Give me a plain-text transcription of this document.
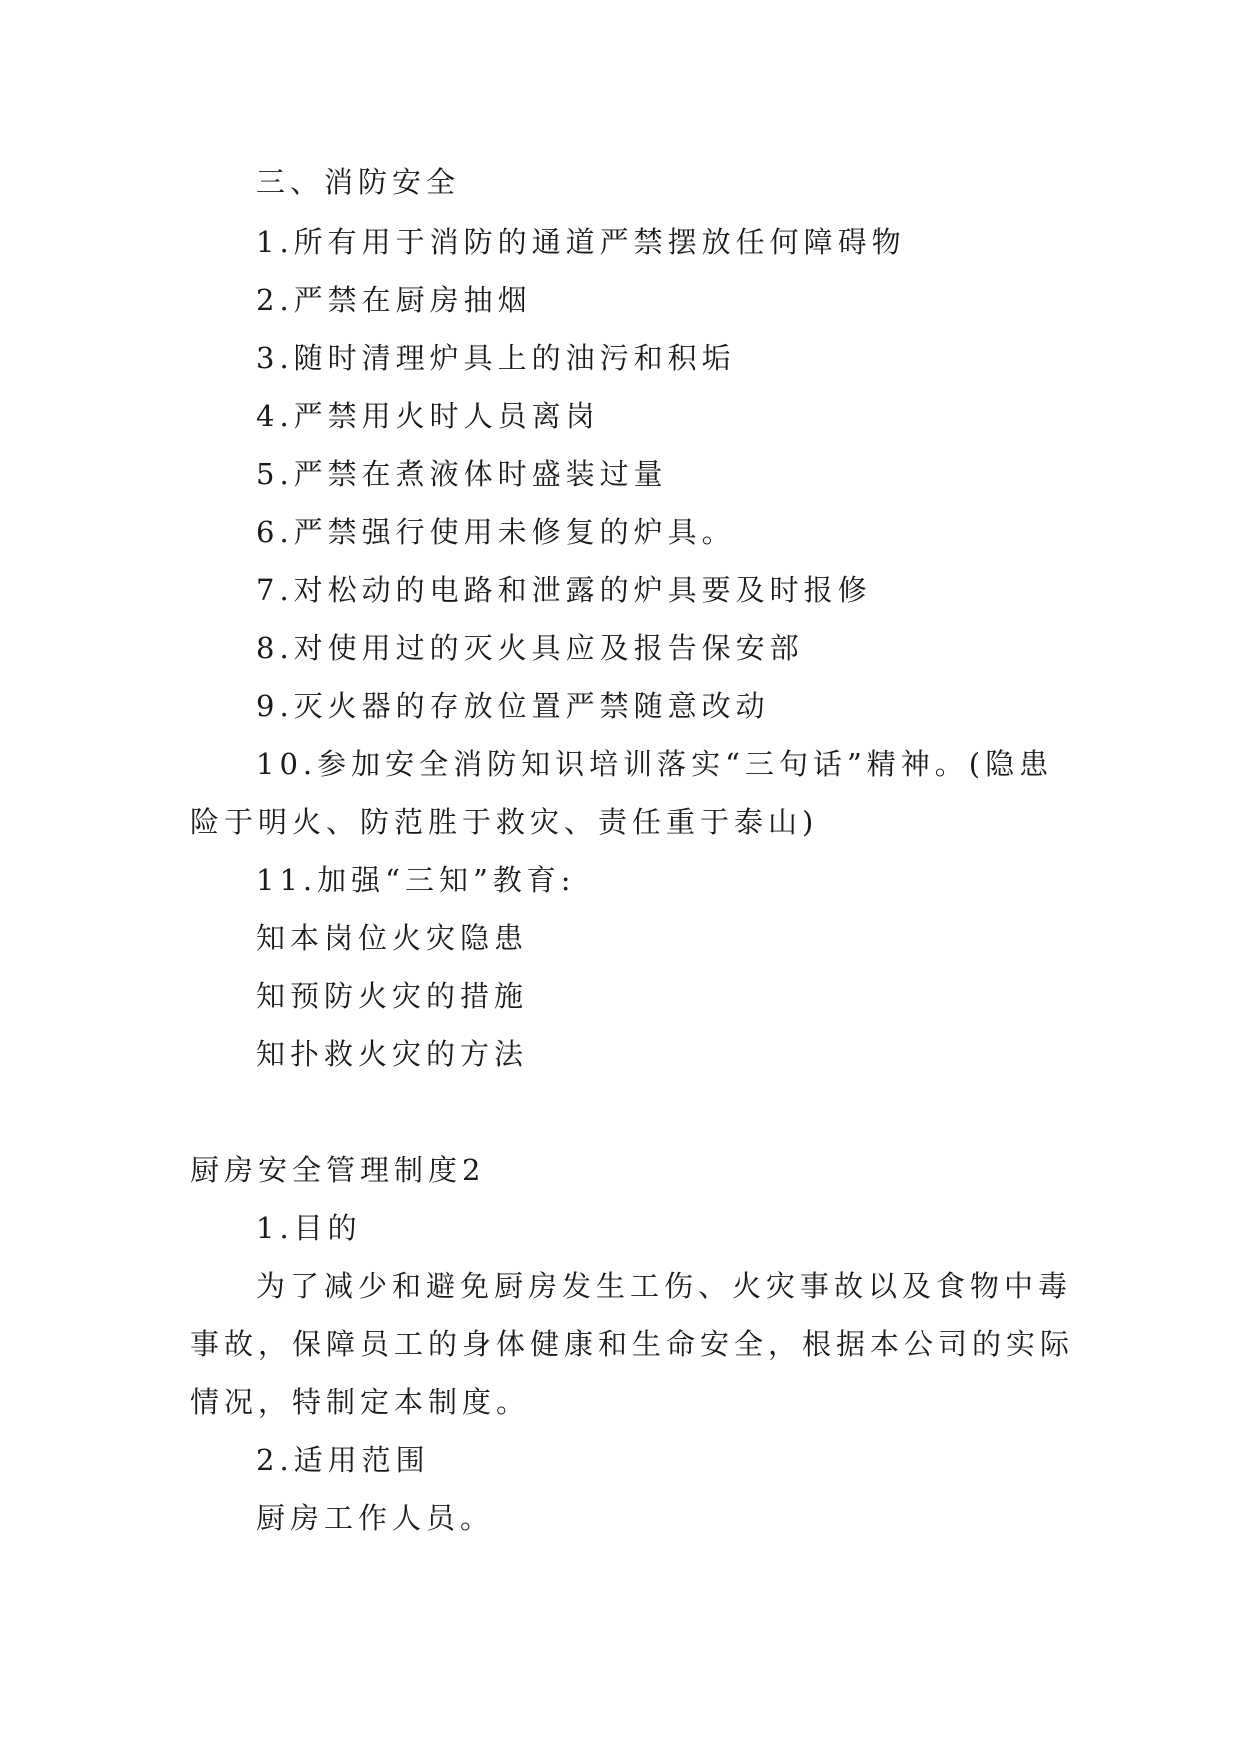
三、消防安全
1.所有用于消防的通道严禁摆放任何障碍物
2.严禁在厨房抽烟
3.随时清理炉具上的油污和积垢
4.严禁用火时人员离岗
5.严禁在煮液体时盛装过量
6.严禁强行使用未修复的炉具。
7.对松动的电路和泄露的炉具要及时报修
8.对使用过的灭火具应及报告保安部
9.灭火器的存放位置严禁随意改动
10.参加安全消防知识培训落实“三句话”精神。(隐患
险于明火、防范胜于救灾、责任重于泰山)
11.加强“三知”教育:
知本岗位火灾隐患
知预防火灾的措施
知扑救火灾的方法
厨房安全管理制度2
1.目的
为了减少和避免厨房发生工伤、火灾事故以及食物中毒
事故，保障员工的身体健康和生命安全，根据本公司的实际
情况，特制定本制度。
2.适用范围
厨房工作人员。
